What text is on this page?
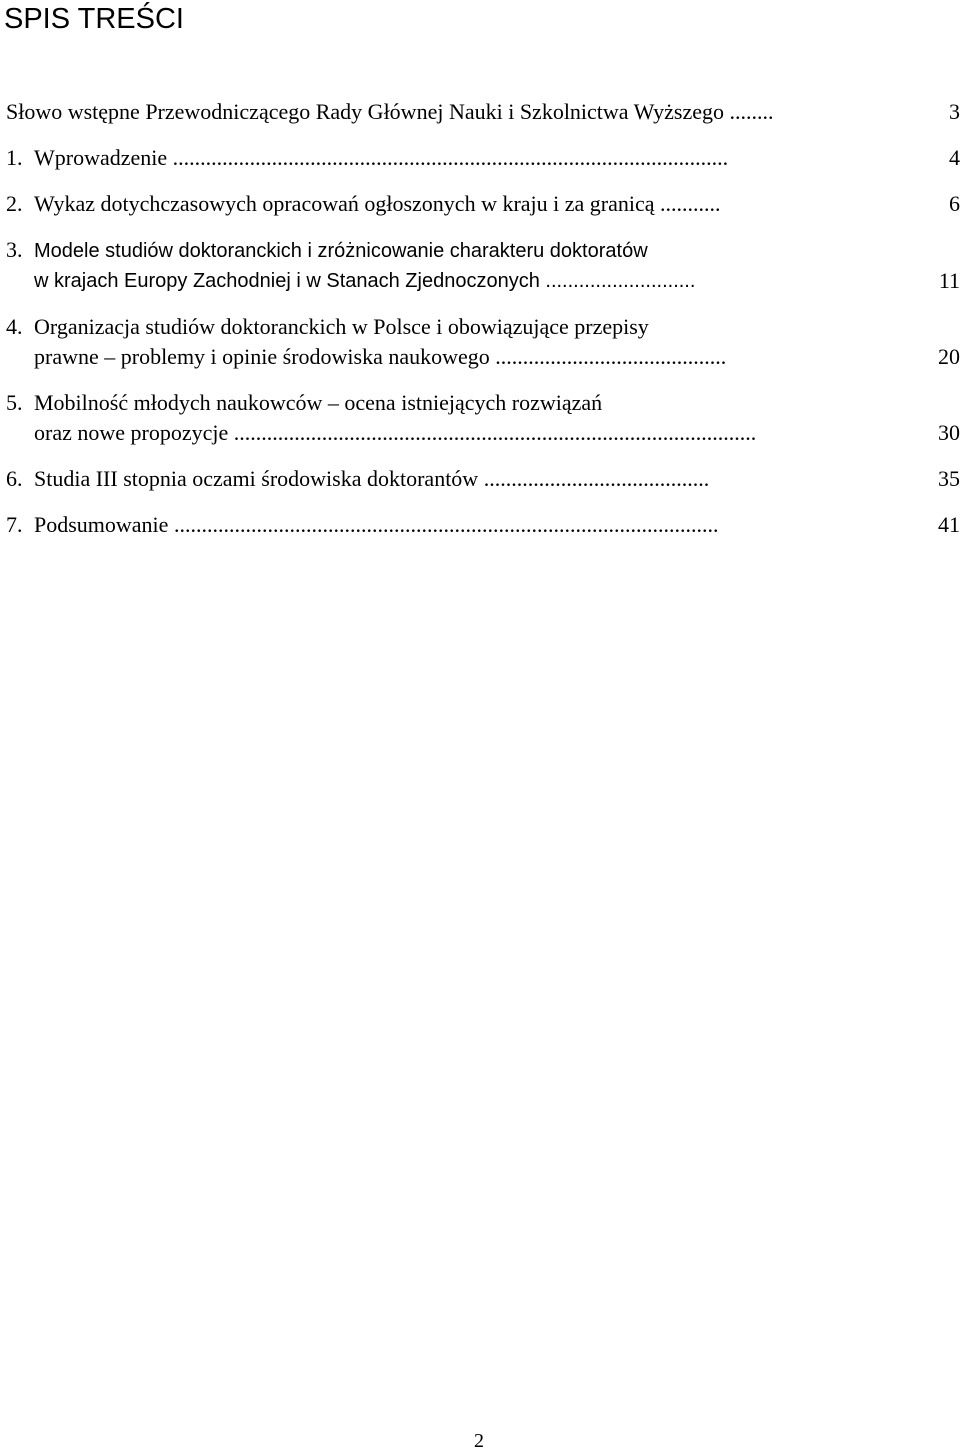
SPIS TREŚCI
Słowo wstępne Przewodniczącego Rady Głównej Nauki i Szkolnictwa Wyższego ........	3
1. Wprowadzenie .....................................................................................................	4
2. Wykaz dotychczasowych opracowań ogłoszonych w kraju i za granicą ...........	6
3. Modele studiów doktoranckich i zróżnicowanie charakteru doktoratów
w krajach Europy Zachodniej i w Stanach Zjednoczonych ...........................	11
4. Organizacja studiów doktoranckich w Polsce i obowiązujące przepisy
prawne – problemy i opinie środowiska naukowego ..........................................	20
5. Mobilność młodych naukowców – ocena istniejących rozwiązań
oraz nowe propozycje ...............................................................................................	30
6. Studia III stopnia oczami środowiska doktorantów .........................................	35
7. Podsumowanie ...................................................................................................	41
2
